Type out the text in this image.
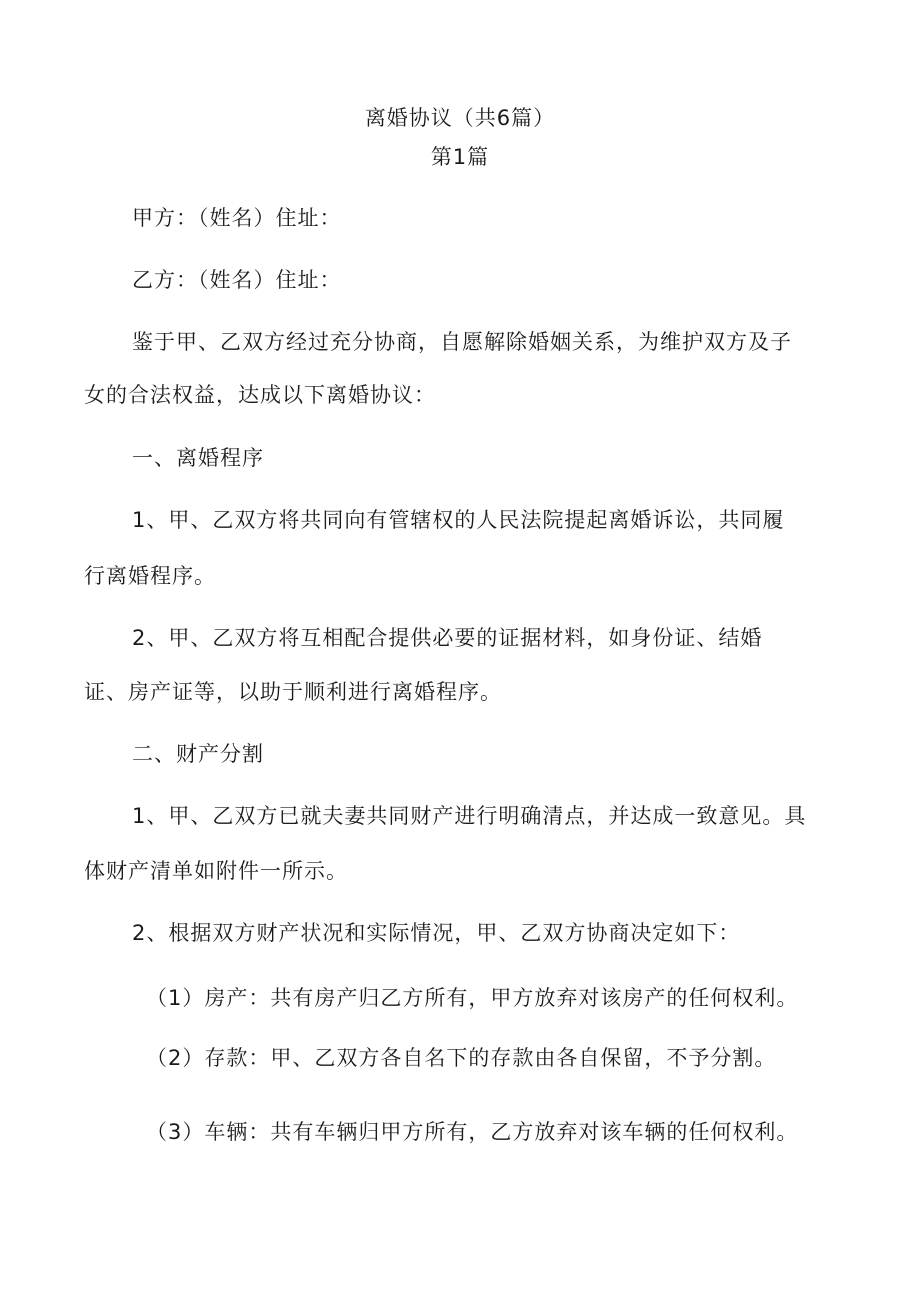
离婚协议（共6篇）
第1篇
甲方：（姓名）住址：
乙方：（姓名）住址：
鉴于甲、乙双方经过充分协商，自愿解除婚姻关系，为维护双方及子
女的合法权益，达成以下离婚协议：
一、离婚程序
1、甲、乙双方将共同向有管辖权的人民法院提起离婚诉讼，共同履
行离婚程序。
2、甲、乙双方将互相配合提供必要的证据材料，如身份证、结婚
证、房产证等，以助于顺利进行离婚程序。
二、财产分割
1、甲、乙双方已就夫妻共同财产进行明确清点，并达成一致意见。具
体财产清单如附件一所示。
2、根据双方财产状况和实际情况，甲、乙双方协商决定如下：
（1）房产：共有房产归乙方所有，甲方放弃对该房产的任何权利。
（2）存款：甲、乙双方各自名下的存款由各自保留，不予分割。
（3）车辆：共有车辆归甲方所有，乙方放弃对该车辆的任何权利。
